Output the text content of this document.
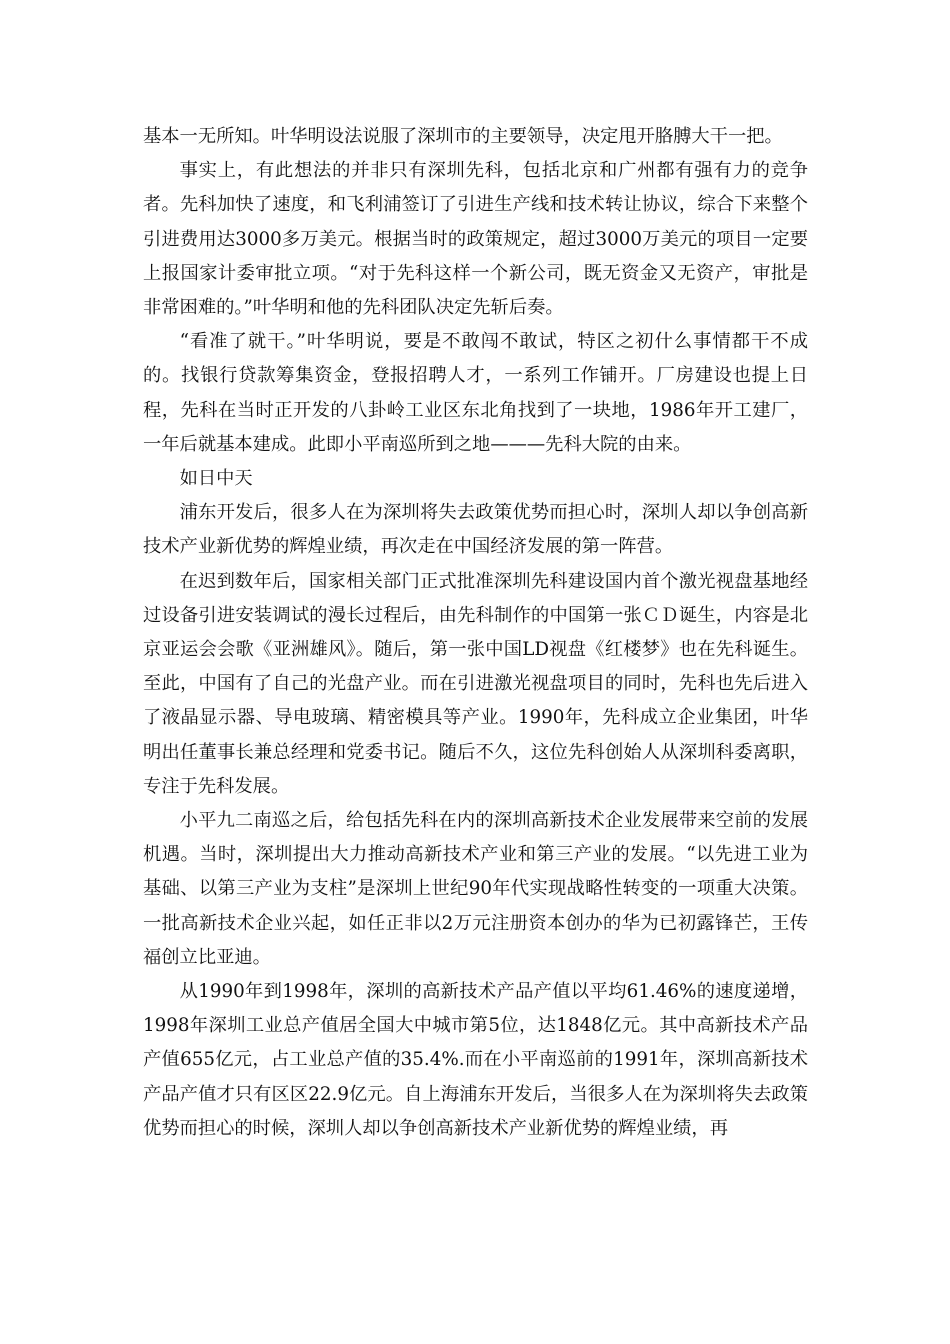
基本一无所知。叶华明设法说服了深圳市的主要领导，决定甩开胳膊大干一把。

事实上，有此想法的并非只有深圳先科，包括北京和广州都有强有力的竞争者。先科加快了速度，和飞利浦签订了引进生产线和技术转让协议，综合下来整个引进费用达3000多万美元。根据当时的政策规定，超过3000万美元的项目一定要上报国家计委审批立项。“对于先科这样一个新公司，既无资金又无资产，审批是非常困难的。”叶华明和他的先科团队决定先斩后奏。

“看准了就干。”叶华明说，要是不敢闯不敢试，特区之初什么事情都干不成的。找银行贷款筹集资金，登报招聘人才，一系列工作铺开。厂房建设也提上日程，先科在当时正开发的八卦岭工业区东北角找到了一块地，1986年开工建厂，一年后就基本建成。此即小平南巡所到之地———先科大院的由来。

如日中天

浦东开发后，很多人在为深圳将失去政策优势而担心时，深圳人却以争创高新技术产业新优势的辉煌业绩，再次走在中国经济发展的第一阵营。

在迟到数年后，国家相关部门正式批准深圳先科建设国内首个激光视盘基地经过设备引进安装调试的漫长过程后，由先科制作的中国第一张ＣＤ诞生，内容是北京亚运会会歌《亚洲雄风》。随后，第一张中国LD视盘《红楼梦》也在先科诞生。至此，中国有了自己的光盘产业。而在引进激光视盘项目的同时，先科也先后进入了液晶显示器、导电玻璃、精密模具等产业。1990年，先科成立企业集团，叶华明出任董事长兼总经理和党委书记。随后不久，这位先科创始人从深圳科委离职，专注于先科发展。

小平九二南巡之后，给包括先科在内的深圳高新技术企业发展带来空前的发展机遇。当时，深圳提出大力推动高新技术产业和第三产业的发展。“以先进工业为基础、以第三产业为支柱”是深圳上世纪90年代实现战略性转变的一项重大决策。一批高新技术企业兴起，如任正非以2万元注册资本创办的华为已初露锋芒，王传福创立比亚迪。

从1990年到1998年，深圳的高新技术产品产值以平均61.46%的速度递增，1998年深圳工业总产值居全国大中城市第5位，达1848亿元。其中高新技术产品产值655亿元，占工业总产值的35.4%.而在小平南巡前的1991年，深圳高新技术产品产值才只有区区22.9亿元。自上海浦东开发后，当很多人在为深圳将失去政策优势而担心的时候，深圳人却以争创高新技术产业新优势的辉煌业绩，再
